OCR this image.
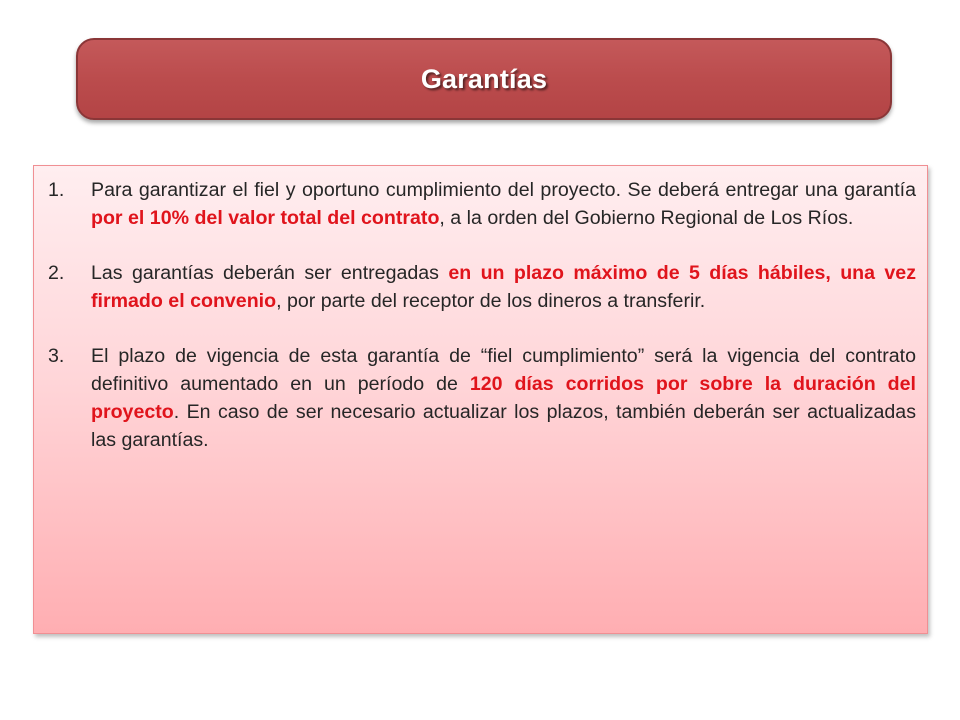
Garantías
1.	Para garantizar el fiel y oportuno cumplimiento del proyecto. Se deberá entregar una garantía por el 10% del valor total del contrato, a la orden del Gobierno Regional de Los Ríos.
2.	Las garantías deberán ser entregadas en un plazo máximo de 5 días hábiles, una vez firmado el convenio, por parte del receptor de los dineros a transferir.
3.	El plazo de vigencia de esta garantía de “fiel cumplimiento” será la vigencia del contrato definitivo aumentado en un período de 120 días corridos por sobre la duración del proyecto. En caso de ser necesario actualizar los plazos, también deberán ser actualizadas las garantías.
